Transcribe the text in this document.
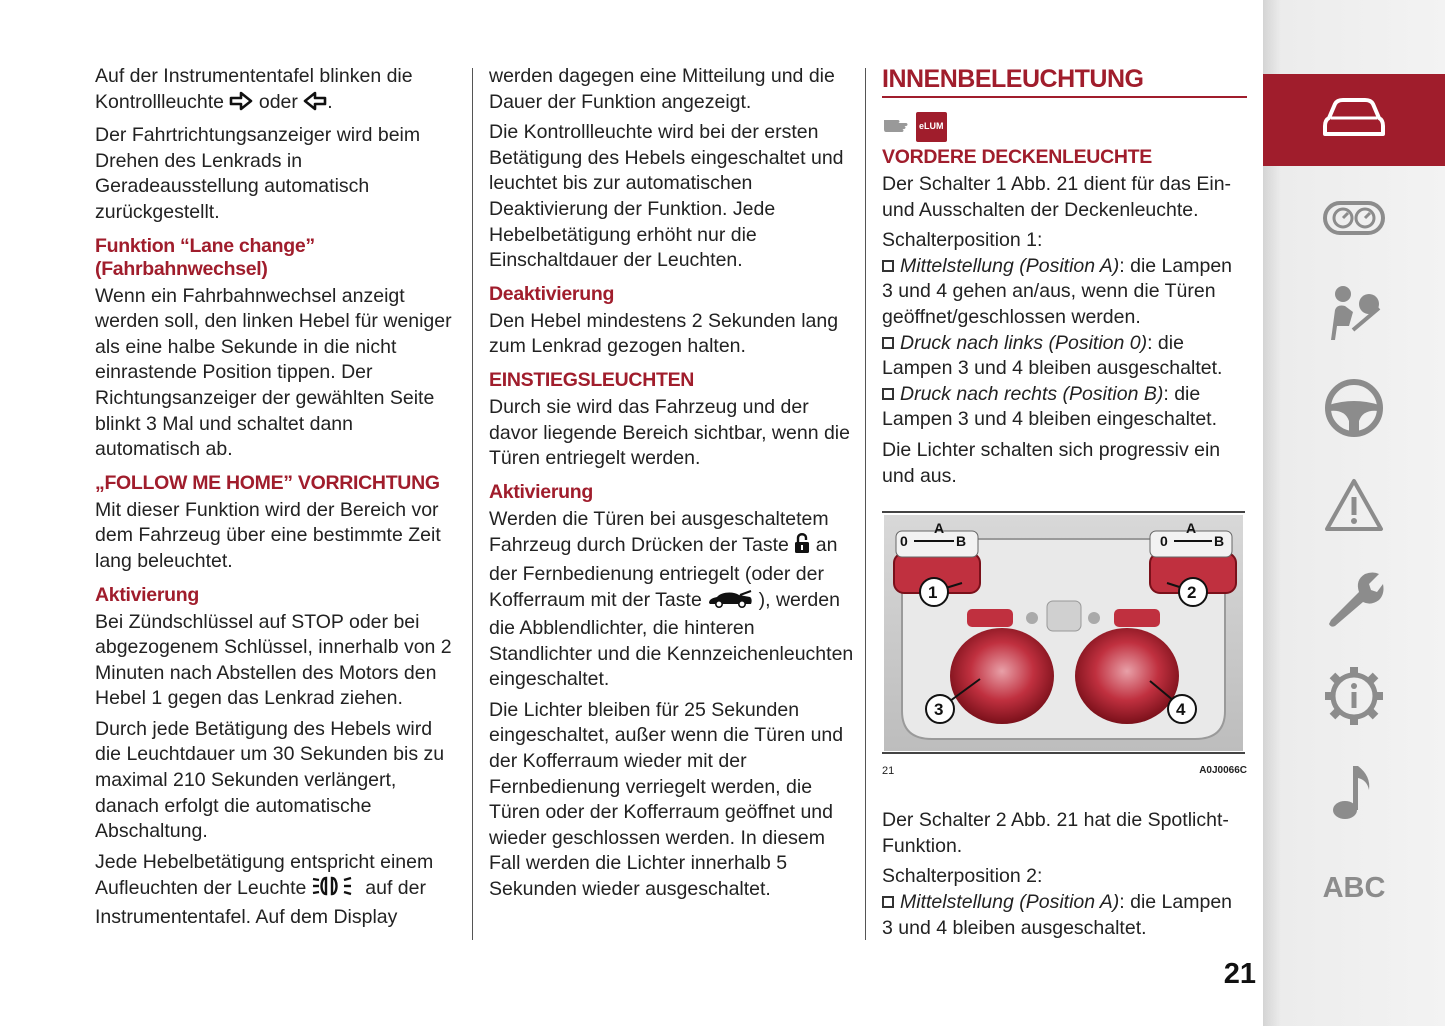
Auf der Instrumententafel blinken die Kontrollleuchte oder .

Der Fahrtrichtungsanzeiger wird beim Drehen des Lenkrads in Geradeausstellung automatisch zurückgestellt.

Funktion “Lane change” (Fahrbahnwechsel)

Wenn ein Fahrbahnwechsel anzeigt werden soll, den linken Hebel für weniger als eine halbe Sekunde in die nicht einrastende Position tippen. Der Richtungsanzeiger der gewählten Seite blinkt 3 Mal und schaltet dann automatisch ab.

„FOLLOW ME HOME” VORRICHTUNG

Mit dieser Funktion wird der Bereich vor dem Fahrzeug über eine bestimmte Zeit lang beleuchtet.

Aktivierung

Bei Zündschlüssel auf STOP oder bei abgezogenem Schlüssel, innerhalb von 2 Minuten nach Abstellen des Motors den Hebel 1 gegen das Lenkrad ziehen.

Durch jede Betätigung des Hebels wird die Leuchtdauer um 30 Sekunden bis zu maximal 210 Sekunden verlängert, danach erfolgt die automatische Abschaltung.

Jede Hebelbetätigung entspricht einem Aufleuchten der Leuchte	auf der Instrumententafel. Auf dem Display

werden dagegen eine Mitteilung und die Dauer der Funktion angezeigt.

Die Kontrollleuchte wird bei der ersten Betätigung des Hebels eingeschaltet und leuchtet bis zur automatischen Deaktivierung der Funktion. Jede Hebelbetätigung erhöht nur die Einschaltdauer der Leuchten.

Deaktivierung

Den Hebel mindestens 2 Sekunden lang zum Lenkrad gezogen halten.

EINSTIEGSLEUCHTEN

Durch sie wird das Fahrzeug und der davor liegende Bereich sichtbar, wenn die Türen entriegelt werden.

Aktivierung

Werden die Türen bei ausgeschaltetem Fahrzeug durch Drücken der Taste an der Fernbedienung entriegelt (oder der Kofferraum mit der Taste	), werden die Abblendlichter, die hinteren Standlichter und die Kennzeichenleuchten eingeschaltet.

Die Lichter bleiben für 25 Sekunden eingeschaltet, außer wenn die Türen und der Kofferraum wieder mit der Fernbedienung verriegelt werden, die Türen oder der Kofferraum geöffnet und wieder geschlossen werden. In diesem Fall werden die Lichter innerhalb 5 Sekunden wieder ausgeschaltet.

INNENBELEUCHTUNG
eLUM
VORDERE DECKENLEUCHTE

Der Schalter 1 Abb. 21 dient für das Ein- und Ausschalten der Deckenleuchte.

Schalterposition 1:

Mittelstellung (Position A): die Lampen 3 und 4 gehen an/aus, wenn die Türen geöffnet/geschlossen werden.

Druck nach links (Position 0): die Lampen 3 und 4 bleiben ausgeschaltet.

Druck nach rechts (Position B): die Lampen 3 und 4 bleiben eingeschaltet.

Die Lichter schalten sich progressiv ein und aus.

A
0	B
A
0	B
1	2
3	4
21	A0J0066C

Der Schalter 2 Abb. 21 hat die Spotlicht-Funktion.

Schalterposition 2:

Mittelstellung (Position A): die Lampen 3 und 4 bleiben ausgeschaltet.

21
ABC
